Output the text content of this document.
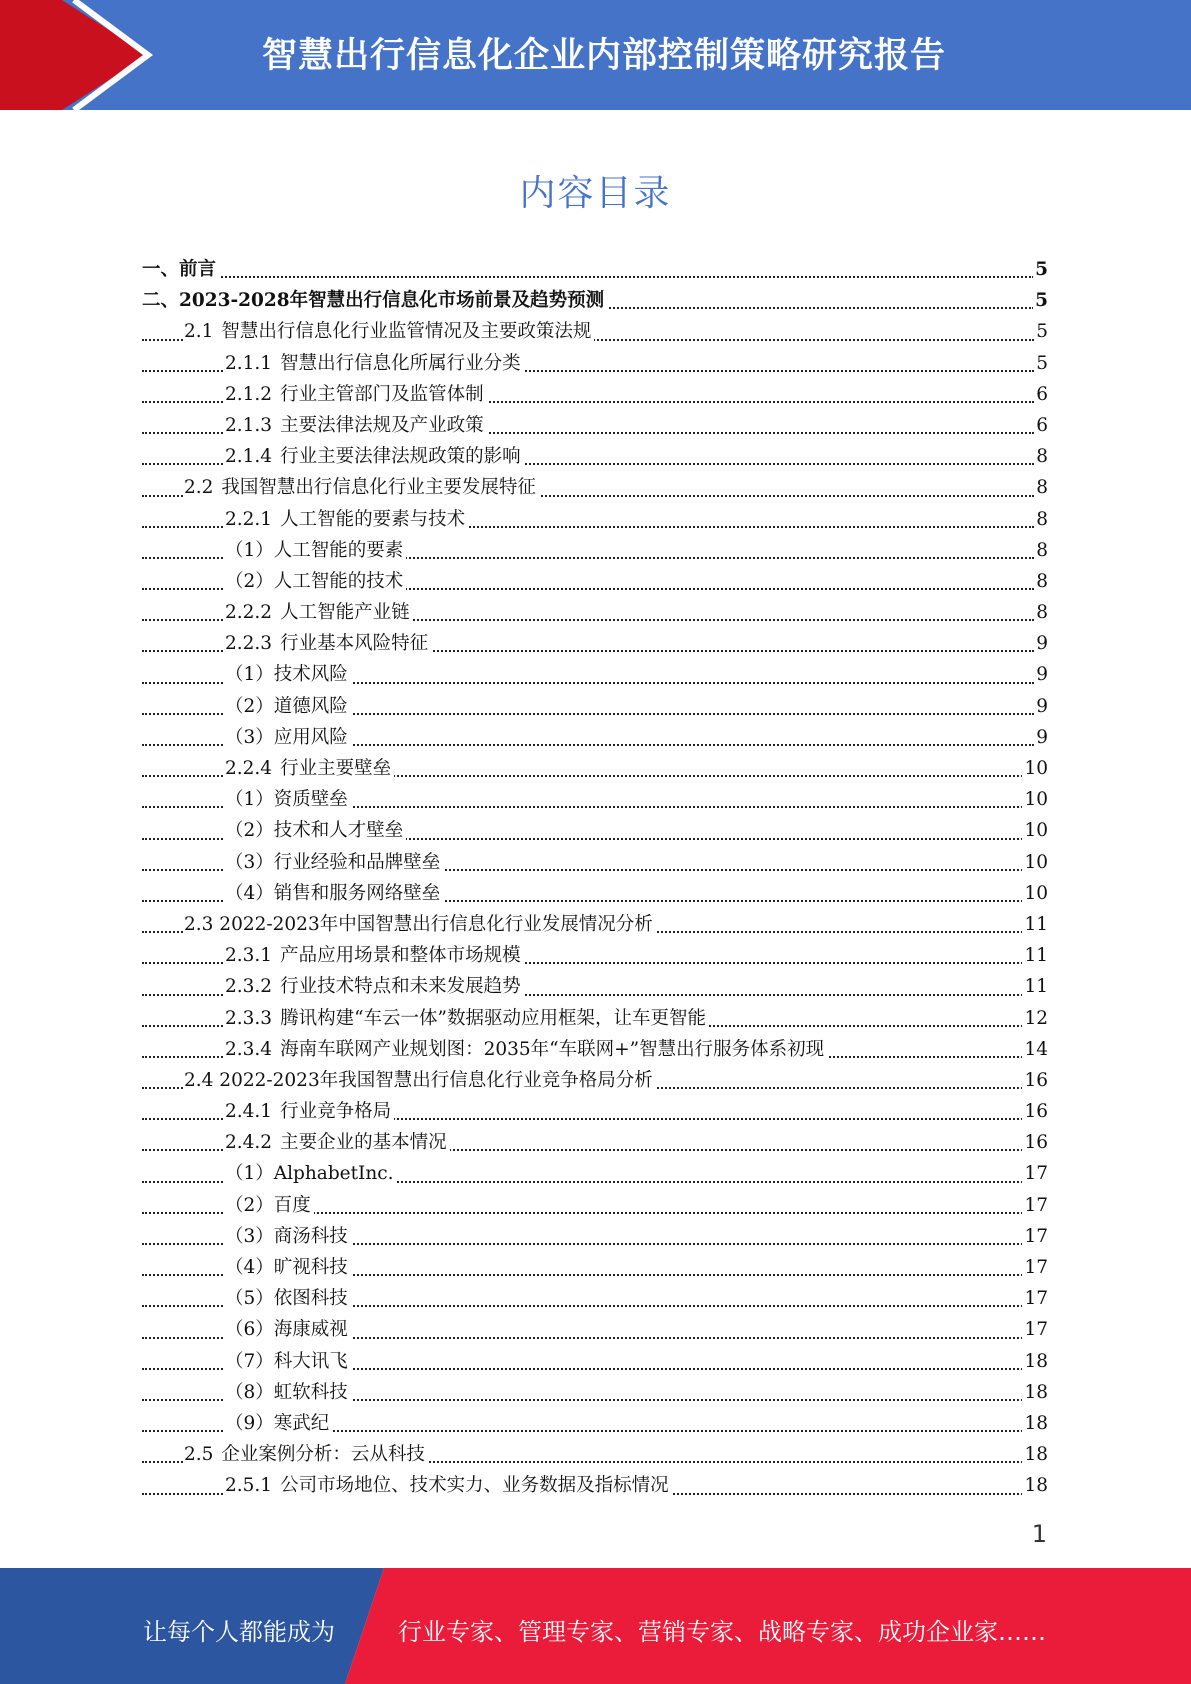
智慧出行信息化企业内部控制策略研究报告
内容目录
一、前言	5
二、2023-2028年智慧出行信息化市场前景及趋势预测	5
2.1 智慧出行信息化行业监管情况及主要政策法规	5
2.1.1 智慧出行信息化所属行业分类	5
2.1.2 行业主管部门及监管体制	6
2.1.3 主要法律法规及产业政策	6
2.1.4 行业主要法律法规政策的影响	8
2.2 我国智慧出行信息化行业主要发展特征	8
2.2.1 人工智能的要素与技术	8
（1）人工智能的要素	8
（2）人工智能的技术	8
2.2.2 人工智能产业链	8
2.2.3 行业基本风险特征	9
（1）技术风险	9
（2）道德风险	9
（3）应用风险	9
2.2.4 行业主要壁垒	10
（1）资质壁垒	10
（2）技术和人才壁垒	10
（3）行业经验和品牌壁垒	10
（4）销售和服务网络壁垒	10
2.3 2022-2023年中国智慧出行信息化行业发展情况分析	11
2.3.1 产品应用场景和整体市场规模	11
2.3.2 行业技术特点和未来发展趋势	11
2.3.3 腾讯构建“车云一体”数据驱动应用框架，让车更智能	12
2.3.4 海南车联网产业规划图：2035年“车联网+”智慧出行服务体系初现	14
2.4 2022-2023年我国智慧出行信息化行业竞争格局分析	16
2.4.1 行业竞争格局	16
2.4.2 主要企业的基本情况	16
（1）AlphabetInc.	17
（2）百度	17
（3）商汤科技	17
（4）旷视科技	17
（5）依图科技	17
（6）海康威视	17
（7）科大讯飞	18
（8）虹软科技	18
（9）寒武纪	18
2.5 企业案例分析：云从科技	18
2.5.1 公司市场地位、技术实力、业务数据及指标情况	18
1
让每个人都能成为	行业专家、管理专家、营销专家、战略专家、成功企业家……
